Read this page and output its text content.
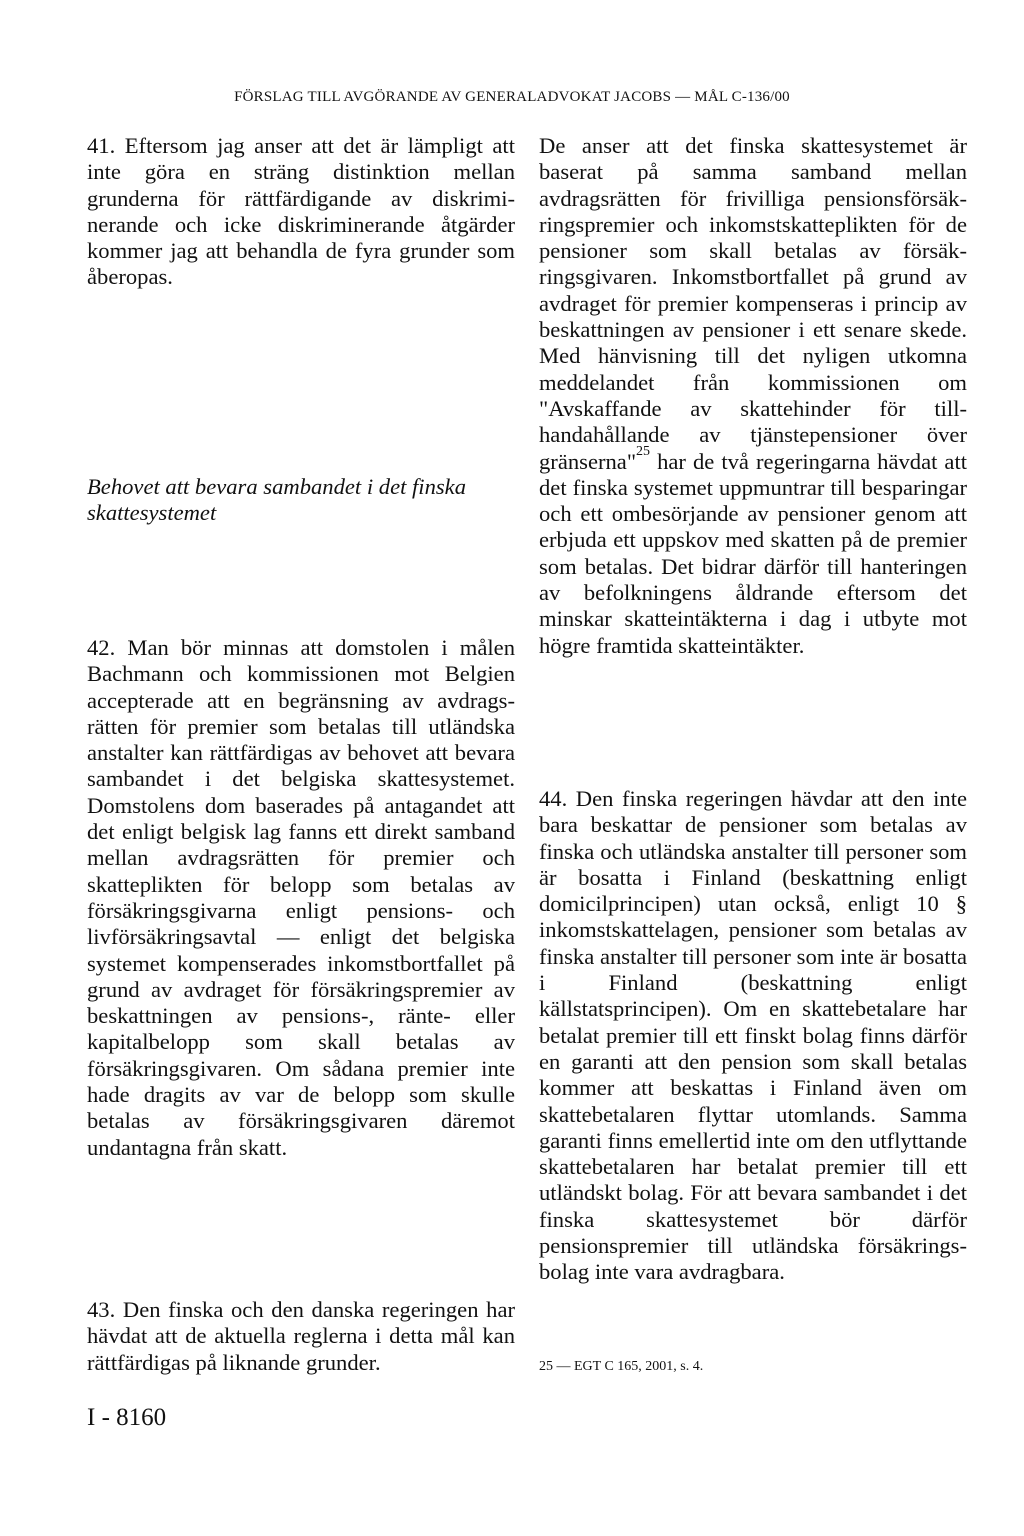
FÖRSLAG TILL AVGÖRANDE AV GENERALADVOKAT JACOBS — MÅL C-136/00

41. Eftersom jag anser att det är lämpligt att inte göra en sträng distinktion mellan grunderna för rättfärdigande av diskriminerande och icke diskriminerande åtgärder kommer jag att behandla de fyra grunder som åberopas.

Behovet att bevara sambandet i det finska skattesystemet

42. Man bör minnas att domstolen i målen Bachmann och kommissionen mot Belgien accepterade att en begränsning av avdragsrätten för premier som betalas till utländska anstalter kan rättfärdigas av behovet att bevara sambandet i det belgiska skattesystemet. Domstolens dom baserades på antagandet att det enligt belgisk lag fanns ett direkt samband mellan avdragsrätten för premier och skatteplikten för belopp som betalas av försäkringsgivarna enligt pensions- och livförsäkringsavtal — enligt det belgiska systemet kompenserades inkomstbortfallet på grund av avdraget för försäkringspremier av beskattningen av pensions-, ränte- eller kapitalbelopp som skall betalas av försäkringsgivaren. Om sådana premier inte hade dragits av var de belopp som skulle betalas av försäkringsgivaren däremot undantagna från skatt.

43. Den finska och den danska regeringen har hävdat att de aktuella reglerna i detta mål kan rättfärdigas på liknande grunder.

De anser att det finska skattesystemet är baserat på samma samband mellan avdragsrätten för frivilliga pensionsförsäkringspremier och inkomstskatteplikten för de pensioner som skall betalas av försäkringsgivaren. Inkomstbortfallet på grund av avdraget för premier kompenseras i princip av beskattningen av pensioner i ett senare skede. Med hänvisning till det nyligen utkomna meddelandet från kommissionen om "Avskaffande av skattehinder för tillhandahållande av tjänstepensioner över gränserna"$^{25}$ har de två regeringarna hävdat att det finska systemet uppmuntrar till besparingar och ett ombesörjande av pensioner genom att erbjuda ett uppskov med skatten på de premier som betalas. Det bidrar därför till hanteringen av befolkningens åldrande eftersom det minskar skatteintäkterna i dag i utbyte mot högre framtida skatteintäkter.

44. Den finska regeringen hävdar att den inte bara beskattar de pensioner som betalas av finska och utländska anstalter till personer som är bosatta i Finland (beskattning enligt domicilprincipen) utan också, enligt 10 § inkomstskattelagen, pensioner som betalas av finska anstalter till personer som inte är bosatta i Finland (beskattning enligt källstatsprincipen). Om en skattebetalare har betalat premier till ett finskt bolag finns därför en garanti att den pension som skall betalas kommer att beskattas i Finland även om skattebetalaren flyttar utomlands. Samma garanti finns emellertid inte om den utflyttande skattebetalaren har betalat premier till ett utländskt bolag. För att bevara sambandet i det finska skattesystemet bör därför pensionspremier till utländska försäkringsbolag inte vara avdragbara.

25 — EGT C 165, 2001, s. 4.
I - 8160
